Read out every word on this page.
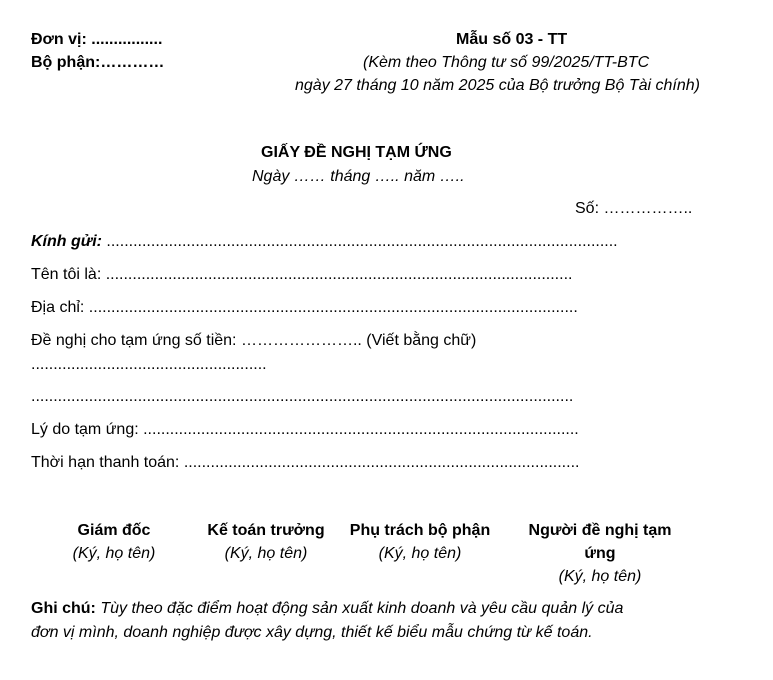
Đơn vị: ................
Bộ phận:…………
Mẫu số 03 - TT
(Kèm theo Thông tư số 99/2025/TT-BTC
ngày 27 tháng 10 năm 2025 của Bộ trưởng Bộ Tài chính)
GIẤY ĐỀ NGHỊ TẠM ỨNG
Ngày …… tháng ….. năm …..
Số: ……………..
Kính gửi: ...................................................................................................................
Tên tôi là: .........................................................................................................
Địa chỉ: ..............................................................................................................
Đề nghị cho tạm ứng số tiền: ………………….. (Viết bằng chữ)
.....................................................
..........................................................................................................................
Lý do tạm ứng: ..................................................................................................
Thời hạn thanh toán: .........................................................................................
Giám đốc
(Ký, họ tên)
Kế toán trưởng
(Ký, họ tên)
Phụ trách bộ phận
(Ký, họ tên)
Người đề nghị tạm
ứng
(Ký, họ tên)
Ghi chú: Tùy theo đặc điểm hoạt động sản xuất kinh doanh và yêu cầu quản lý của
đơn vị mình, doanh nghiệp được xây dựng, thiết kế biểu mẫu chứng từ kế toán.
